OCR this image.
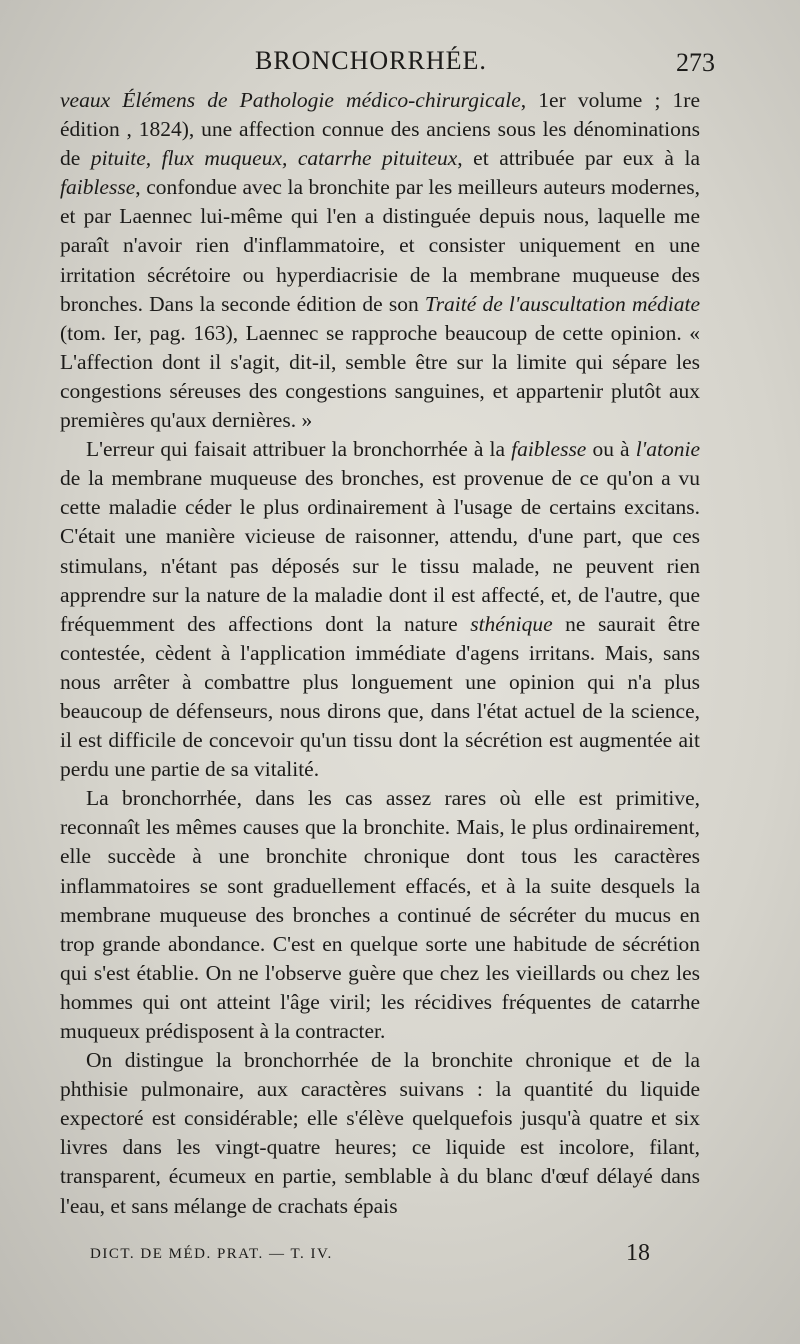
BRONCHORRHÉE.	273

veaux Élémens de Pathologie médico-chirurgicale, 1er volume ; 1re édition , 1824), une affection connue des anciens sous les dénominations de pituite, flux muqueux, catarrhe pituiteux, et attribuée par eux à la faiblesse, confondue avec la bronchite par les meilleurs auteurs modernes, et par Laennec lui-même qui l'en a distinguée depuis nous, laquelle me paraît n'avoir rien d'inflammatoire, et consister uniquement en une irritation sécrétoire ou hyperdiacrisie de la membrane muqueuse des bronches. Dans la seconde édition de son Traité de l'auscultation médiate (tom. Ier, pag. 163), Laennec se rapproche beaucoup de cette opinion. « L'affection dont il s'agit, dit-il, semble être sur la limite qui sépare les congestions séreuses des congestions sanguines, et appartenir plutôt aux premières qu'aux dernières. »

L'erreur qui faisait attribuer la bronchorrhée à la faiblesse ou à l'atonie de la membrane muqueuse des bronches, est provenue de ce qu'on a vu cette maladie céder le plus ordinairement à l'usage de certains excitans. C'était une manière vicieuse de raisonner, attendu, d'une part, que ces stimulans, n'étant pas déposés sur le tissu malade, ne peuvent rien apprendre sur la nature de la maladie dont il est affecté, et, de l'autre, que fréquemment des affections dont la nature sthénique ne saurait être contestée, cèdent à l'application immédiate d'agens irritans. Mais, sans nous arrêter à combattre plus longuement une opinion qui n'a plus beaucoup de défenseurs, nous dirons que, dans l'état actuel de la science, il est difficile de concevoir qu'un tissu dont la sécrétion est augmentée ait perdu une partie de sa vitalité.

La bronchorrhée, dans les cas assez rares où elle est primitive, reconnaît les mêmes causes que la bronchite. Mais, le plus ordinairement, elle succède à une bronchite chronique dont tous les caractères inflammatoires se sont graduellement effacés, et à la suite desquels la membrane muqueuse des bronches a continué de sécréter du mucus en trop grande abondance. C'est en quelque sorte une habitude de sécrétion qui s'est établie. On ne l'observe guère que chez les vieillards ou chez les hommes qui ont atteint l'âge viril; les récidives fréquentes de catarrhe muqueux prédisposent à la contracter.

On distingue la bronchorrhée de la bronchite chronique et de la phthisie pulmonaire, aux caractères suivans : la quantité du liquide expectoré est considérable; elle s'élève quelquefois jusqu'à quatre et six livres dans les vingt-quatre heures; ce liquide est incolore, filant, transparent, écumeux en partie, semblable à du blanc d'œuf délayé dans l'eau, et sans mélange de crachats épais

DICT. DE MÉD. PRAT. — T. IV.	18
